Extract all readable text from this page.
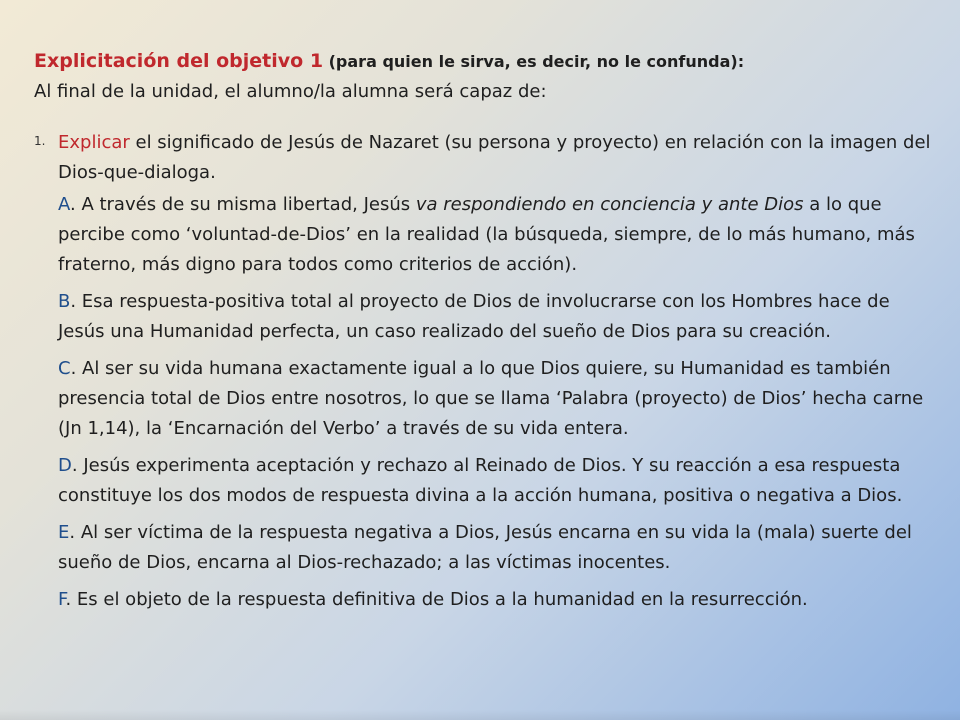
Explicitación del objetivo 1 (para quien le sirva, es decir, no le confunda):
Al final de la unidad, el alumno/la alumna será capaz de:
1. Explicar el significado de Jesús de Nazaret (su persona y proyecto) en relación con la imagen del Dios-que-dialoga.

A. A través de su misma libertad, Jesús va respondiendo en conciencia y ante Dios a lo que percibe como ‘voluntad-de-Dios’ en la realidad (la búsqueda, siempre, de lo más humano, más fraterno, más digno para todos como criterios de acción).

B. Esa respuesta-positiva total al proyecto de Dios de involucrarse con los Hombres hace de Jesús una Humanidad perfecta, un caso realizado del sueño de Dios para su creación.

C. Al ser su vida humana exactamente igual a lo que Dios quiere, su Humanidad es también presencia total de Dios entre nosotros, lo que se llama ‘Palabra (proyecto) de Dios’ hecha carne (Jn 1,14), la ‘Encarnación del Verbo’ a través de su vida entera.

D. Jesús experimenta aceptación y rechazo al Reinado de Dios. Y su reacción a esa respuesta constituye los dos modos de respuesta divina a la acción humana, positiva o negativa a Dios.

E. Al ser víctima de la respuesta negativa a Dios, Jesús encarna en su vida la (mala) suerte del sueño de Dios, encarna al Dios-rechazado; a las víctimas inocentes.

F. Es el objeto de la respuesta definitiva de Dios a la humanidad en la resurrección.
